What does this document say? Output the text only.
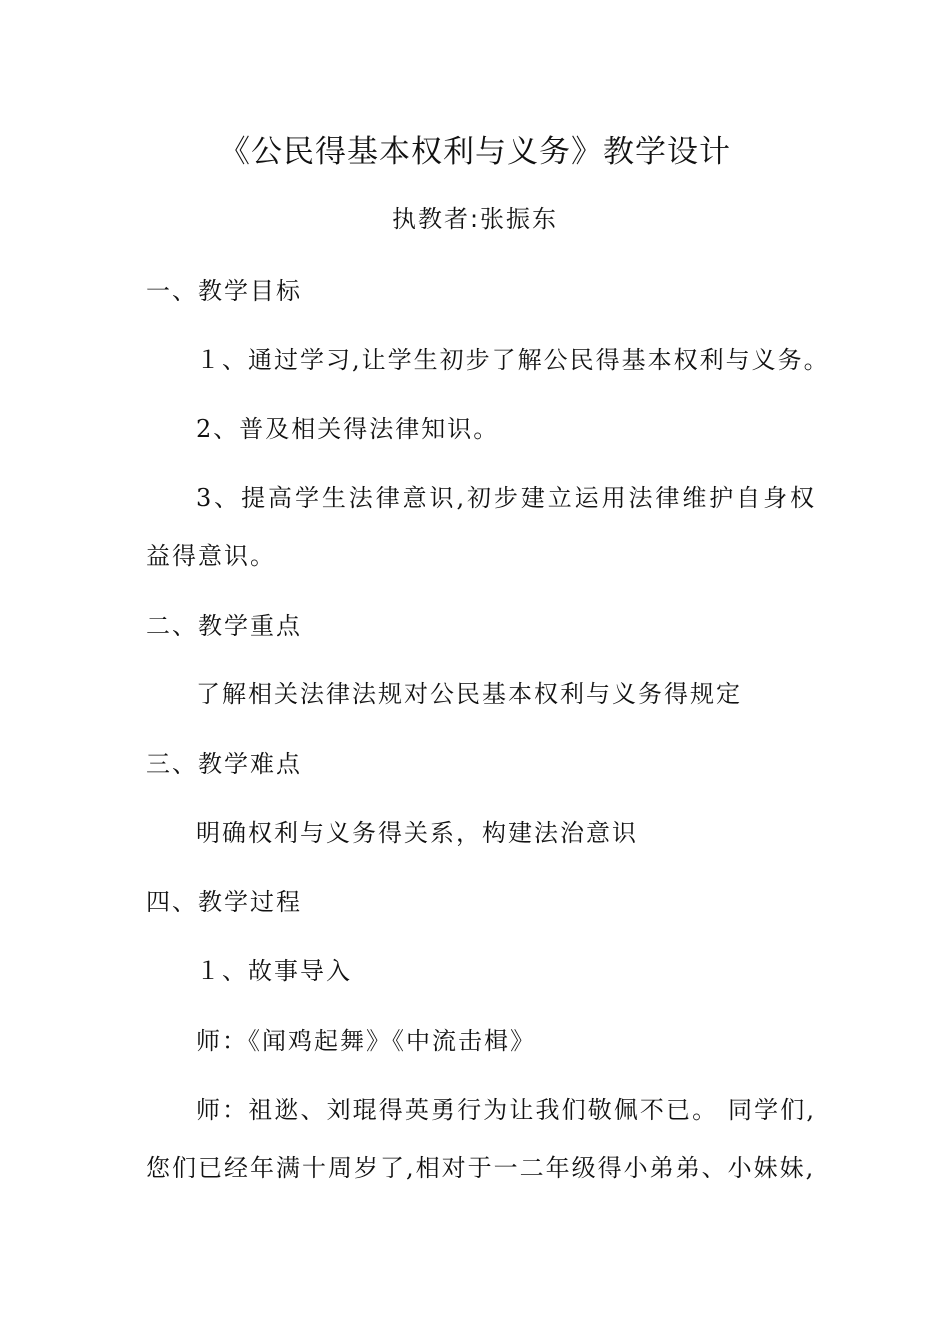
《公民得基本权利与义务》教学设计
执教者:张振东
一、教学目标
１、通过学习,让学生初步了解公民得基本权利与义务。
2、普及相关得法律知识。
3、提高学生法律意识,初步建立运用法律维护自身权
益得意识。
二、教学重点
了解相关法律法规对公民基本权利与义务得规定
三、教学难点
明确权利与义务得关系，构建法治意识
四、教学过程
１、故事导入
师：《闻鸡起舞》《中流击楫》
师：祖逖、刘琨得英勇行为让我们敬佩不已。 同学们,
您们已经年满十周岁了,相对于一二年级得小弟弟、小妹妹,
